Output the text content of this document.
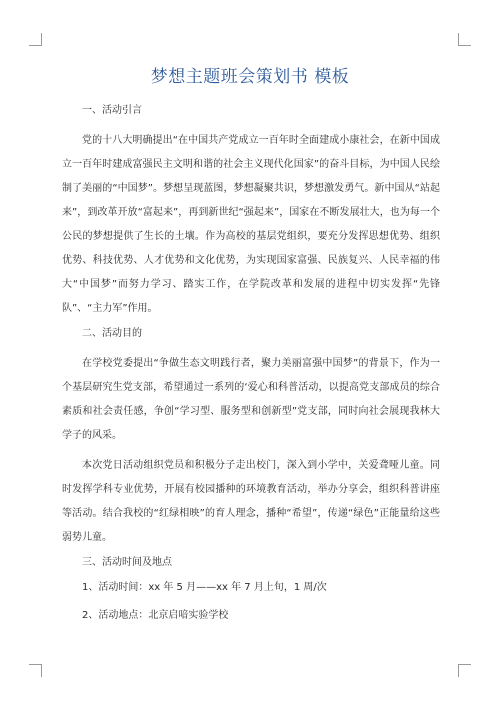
梦想主题班会策划书 模板
一、活动引言

党的十八大明确提出“在中国共产党成立一百年时全面建成小康社会，在新中国成立一百年时建成富强民主文明和谐的社会主义现代化国家”的奋斗目标，为中国人民绘制了美丽的“中国梦”。梦想呈现蓝图，梦想凝聚共识，梦想激发勇气。新中国从“站起来”，到改革开放“富起来”，再到新世纪“强起来”，国家在不断发展壮大，也为每一个公民的梦想提供了生长的土壤。作为高校的基层党组织，要充分发挥思想优势、组织优势、科技优势、人才优势和文化优势，为实现国家富强、民族复兴、人民幸福的伟大“中国梦”而努力学习、踏实工作，在学院改革和发展的进程中切实发挥“先锋队”、“主力军”作用。

二、活动目的

在学校党委提出“争做生态文明践行者，聚力美丽富强中国梦”的背景下，作为一个基层研究生党支部，希望通过一系列的‘爱心和科普活动，以提高党支部成员的综合素质和社会责任感，争创“学习型、服务型和创新型”党支部，同时向社会展现我林大学子的风采。

本次党日活动组织党员和积极分子走出校门，深入到小学中，关爱聋哑儿童。同时发挥学科专业优势，开展有校园播种的环境教育活动，举办分享会，组织科普讲座等活动。结合我校的“红绿相映”的育人理念，播种“希望”，传递“绿色”正能量给这些弱势儿童。

三、活动时间及地点
1、活动时间：xx 年 5 月——xx 年 7 月上旬，1 周/次
2、活动地点：北京启喑实验学校
